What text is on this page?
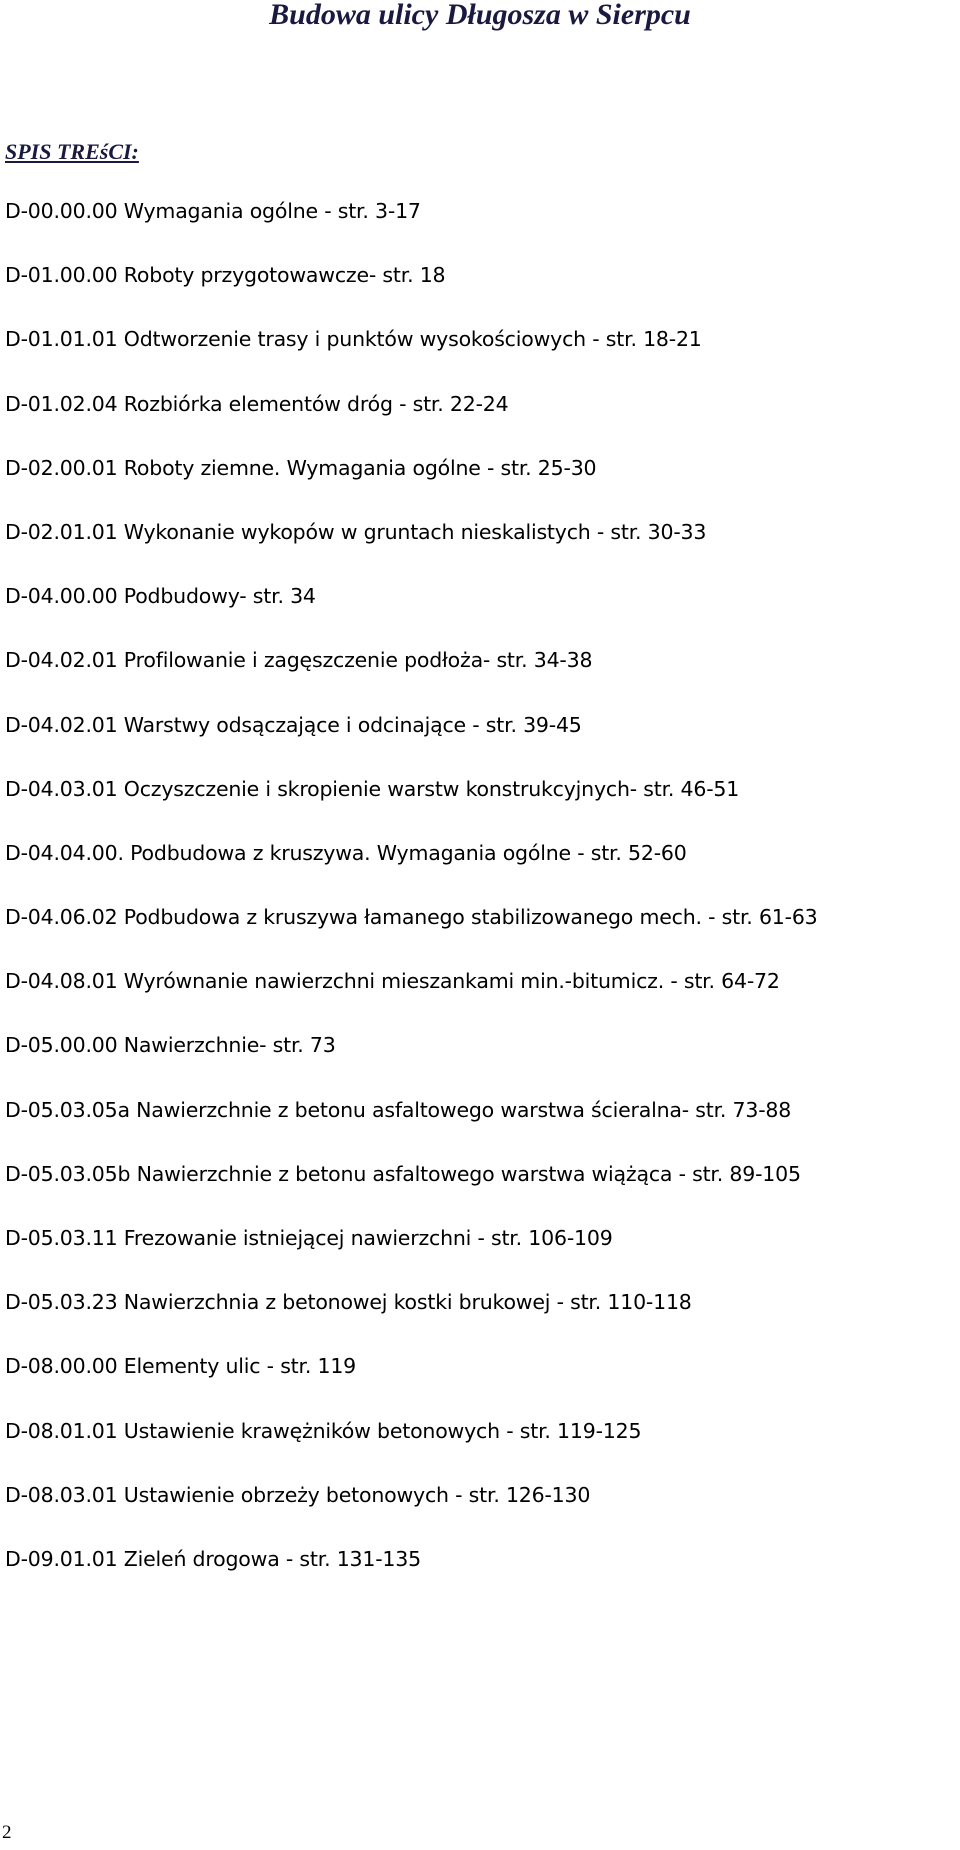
Budowa ulicy Długosza w Sierpcu
SPIS TREśCI:
D-00.00.00 Wymagania ogólne - str. 3-17
D-01.00.00 Roboty przygotowawcze- str. 18
D-01.01.01 Odtworzenie trasy i punktów wysokościowych - str. 18-21
D-01.02.04 Rozbiórka elementów dróg - str. 22-24
D-02.00.01 Roboty ziemne. Wymagania ogólne - str. 25-30
D-02.01.01 Wykonanie wykopów w gruntach nieskalistych - str. 30-33
D-04.00.00 Podbudowy- str. 34
D-04.02.01 Profilowanie i zagęszczenie podłoża- str. 34-38
D-04.02.01 Warstwy odsączające i odcinające - str. 39-45
D-04.03.01 Oczyszczenie i skropienie warstw konstrukcyjnych- str. 46-51
D-04.04.00. Podbudowa z kruszywa. Wymagania ogólne - str. 52-60
D-04.06.02 Podbudowa z kruszywa łamanego stabilizowanego mech. - str. 61-63
D-04.08.01 Wyrównanie nawierzchni mieszankami min.-bitumicz. - str. 64-72
D-05.00.00 Nawierzchnie- str. 73
D-05.03.05a Nawierzchnie z betonu asfaltowego warstwa ścieralna- str. 73-88
D-05.03.05b Nawierzchnie z betonu asfaltowego warstwa wiążąca - str. 89-105
D-05.03.11 Frezowanie istniejącej nawierzchni - str. 106-109
D-05.03.23 Nawierzchnia z betonowej kostki brukowej - str. 110-118
D-08.00.00 Elementy ulic - str. 119
D-08.01.01 Ustawienie krawężników betonowych - str. 119-125
D-08.03.01 Ustawienie obrzeży betonowych - str. 126-130
D-09.01.01 Zieleń drogowa - str. 131-135

2
